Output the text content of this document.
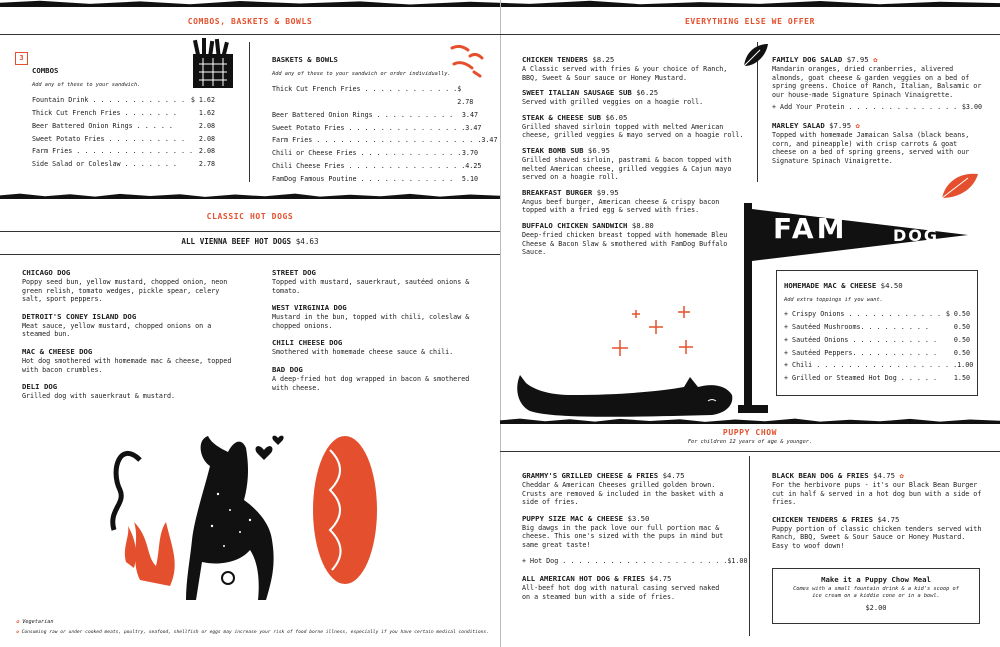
COMBOS, BASKETS & BOWLS
3

COMBOS

Add any of these to your sandwich.

Fountain Drink . . . . . . . . . . . . $ 1.62
Thick Cut French Fries . . . . . . .	1.62
Beer Battered Onion Rings . . . . .	2.08
Sweet Potato Fries . . . . . . . . . . 2.08
Farm Fries . . . . . . . . . . . . . . . 2.08
Side Salad or Coleslaw . . . . . . .	2.78

BASKETS & BOWLS

Add any of these to your sandwich or order individually.

Thick Cut French Fries . . . . . . . . . . . . $ 2.78
Beer Battered Onion Rings . . . . . . . . . . 3.47
Sweet Potato Fries . . . . . . . . . . . . . . . 3.47
Farm Fries . . . . . . . . . . . . . . . . . . . . . 3.47
Chili or Cheese Fries . . . . . . . . . . . . . 3.70
Chili Cheese Fries . . . . . . . . . . . . . . . 4.25
FamDog Famous Poutine . . . . . . . . . . . . 5.10
CLASSIC HOT DOGS
ALL VIENNA BEEF HOT DOGS $4.63

CHICAGO DOG

Poppy seed bun, yellow mustard, chopped onion, neon green relish, tomato wedges, pickle spear, celery salt, sport peppers.

DETROIT'S CONEY ISLAND DOG

Meat sauce, yellow mustard, chopped onions on a steamed bun.

MAC & CHEESE DOG

Hot dog smothered with homemade mac & cheese, topped with bacon crumbles.

DELI DOG

Grilled dog with sauerkraut & mustard.

STREET DOG

Topped with mustard, sauerkraut, sautéed onions & tomato.

WEST VIRGINIA DOG

Mustard in the bun, topped with chili, coleslaw & chopped onions.

CHILI CHEESE DOG

Smothered with homemade cheese sauce & chili.

BAD DOG

A deep-fried hot dog wrapped in bacon & smothered with cheese.

✿ Vegetarian
✿ Consuming raw or under cooked meats, poultry, seafood, shellfish or eggs may increase your risk of food borne illness, especially if you have certain medical conditions.
EVERYTHING ELSE WE OFFER

CHICKEN TENDERS $8.25

A Classic served with fries & your choice of Ranch, BBQ, Sweet & Sour sauce or Honey Mustard.

SWEET ITALIAN SAUSAGE SUB $6.25

Served with grilled veggies on a hoagie roll.

STEAK & CHEESE SUB $6.05

Grilled shaved sirloin topped with melted American cheese, grilled veggies & mayo served on a hoagie roll.

STEAK BOMB SUB $6.95

Grilled shaved sirloin, pastrami & bacon topped with melted American cheese, grilled veggies & Cajun mayo served on a hoagie roll.

BREAKFAST BURGER $9.95

Angus beef burger, American cheese & crispy bacon topped with a fried egg & served with fries.

BUFFALO CHICKEN SANDWICH $8.80

Deep-fried chicken breast topped with homemade Bleu Cheese & Bacon Slaw & smothered with FamDog Buffalo Sauce.

FAMILY DOG SALAD $7.95 ✿

Mandarin oranges, dried cranberries, alivered almonds, goat cheese & garden veggies on a bed of spring greens. Choice of Ranch, Italian, Balsamic or our house-made Signature Spinach Vinaigrette.

+ Add Your Protein . . . . . . . . . . . . . . $3.00

MARLEY SALAD $7.95 ✿

Topped with homemade Jamaican Salsa (black beans, corn, and pineapple) with crisp carrots & goat cheese on a bed of spring greens, served with our Signature Spinach Vinaigrette.

FAM	DOG

HOMEMADE MAC & CHEESE $4.50

Add extra toppings if you want.

+ Crispy Onions . . . . . . . . . . . . $ 0.50
+ Sautéed Mushrooms. . . . . . . . .	0.50
+ Sautéed Onions . . . . . . . . . . .	0.50
+ Sautéed Peppers. . . . . . . . . . .	0.50
+ Chili . . . . . . . . . . . . . . . . . . 1.00
+ Grilled or Steamed Hot Dog . . . . .	1.50
PUPPY CHOW
For children 12 years of age & younger.

GRAMMY'S GRILLED CHEESE & FRIES $4.75

Cheddar & American Cheeses grilled golden brown. Crusts are removed & included in the basket with a side of fries.

PUPPY SIZE MAC & CHEESE $3.50

Big dawgs in the pack love our full portion mac & cheese. This one's sized with the pups in mind but same great taste!

+ Hot Dog . . . . . . . . . . . . . . . . . . . . . $1.00

ALL AMERICAN HOT DOG & FRIES $4.75

All-beef hot dog with natural casing served naked on a steamed bun with a side of fries.

BLACK BEAN DOG & FRIES $4.75 ✿

For the herbivore pups - it's our Black Bean Burger cut in half & served in a hot dog bun with a side of fries.

CHICKEN TENDERS & FRIES $4.75

Puppy portion of classic chicken tenders served with Ranch, BBQ, Sweet & Sour Sauce or Honey Mustard. Easy to woof down!

Make it a Puppy Chow Meal
Comes with a small fountain drink & a kid's scoop of ice cream on a kiddie cone or in a bowl.
$2.00
